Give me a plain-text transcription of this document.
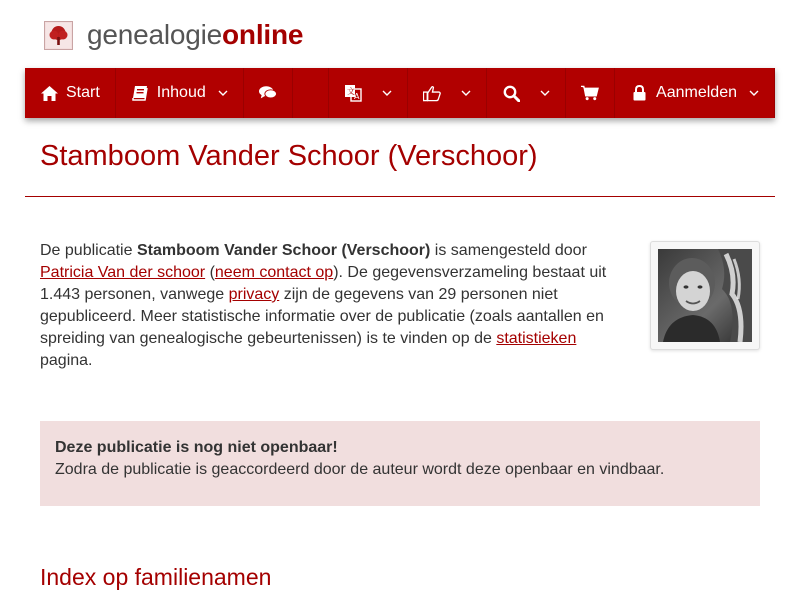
genealogie online
Start	Inhoud	文
A	Aanmelden
Stamboom Vander Schoor (Verschoor)

De publicatie Stamboom Vander Schoor (Verschoor) is samengesteld door Patricia Van der schoor (neem contact op). De gegevensverzameling bestaat uit 1.443 personen, vanwege privacy zijn de gegevens van 29 personen niet gepubliceerd. Meer statistische informatie over de publicatie (zoals aantallen en spreiding van genealogische gebeurtenissen) is te vinden op de statistieken pagina.

Deze publicatie is nog niet openbaar!
Zodra de publicatie is geaccordeerd door de auteur wordt deze openbaar en vindbaar.
Index op familienamen
